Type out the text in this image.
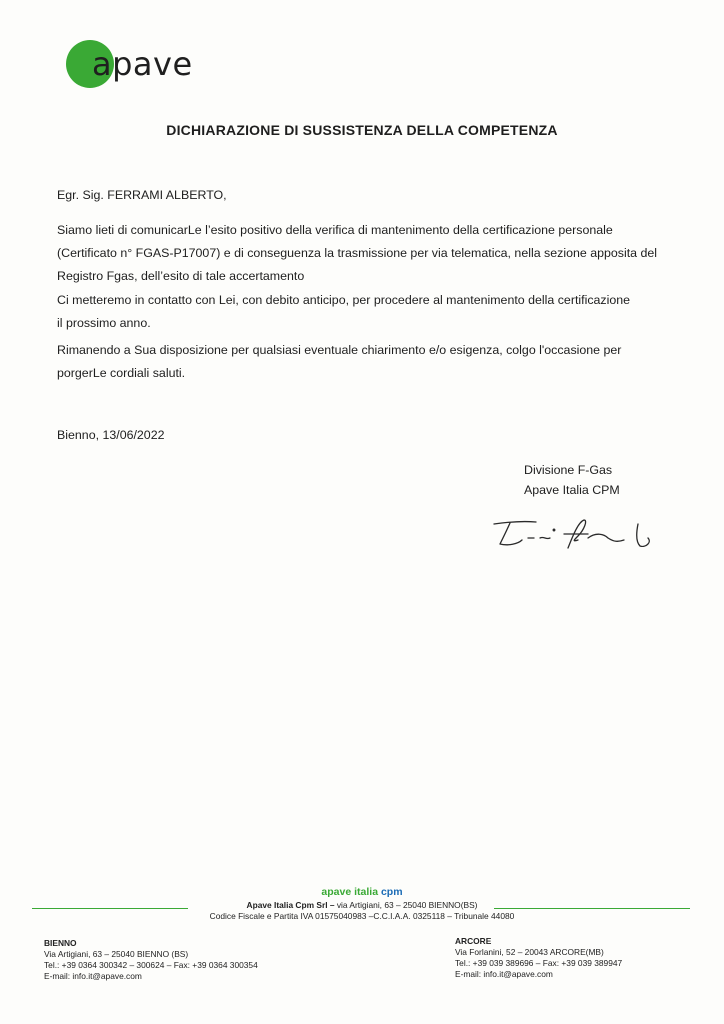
apave
DICHIARAZIONE DI SUSSISTENZA DELLA COMPETENZA
Egr. Sig. FERRAMI ALBERTO,
Siamo lieti di comunicarLe l’esito positivo della verifica di mantenimento della certificazione personale
(Certificato n° FGAS-P17007) e di conseguenza la trasmissione per via telematica, nella sezione apposita del
Registro Fgas, dell’esito di tale accertamento
Ci metteremo in contatto con Lei, con debito anticipo, per procedere al mantenimento della certificazione
il prossimo anno.
Rimanendo a Sua disposizione per qualsiasi eventuale chiarimento e/o esigenza, colgo l'occasione per
porgerLe cordiali saluti.
Bienno, 13/06/2022
Divisione F-Gas
Apave Italia CPM
apave italia cpm
Apave Italia Cpm Srl – via Artigiani, 63 – 25040 BIENNO(BS)
Codice Fiscale e Partita IVA 01575040983 –C.C.I.A.A. 0325118 – Tribunale 44080
BIENNO
Via Artigiani, 63 – 25040 BIENNO (BS)
Tel.: +39 0364 300342 – 300624 – Fax: +39 0364 300354
E-mail: info.it@apave.com
ARCORE
Via Forlanini, 52 – 20043 ARCORE(MB)
Tel.: +39 039 389696 – Fax: +39 039 389947
E-mail: info.it@apave.com
